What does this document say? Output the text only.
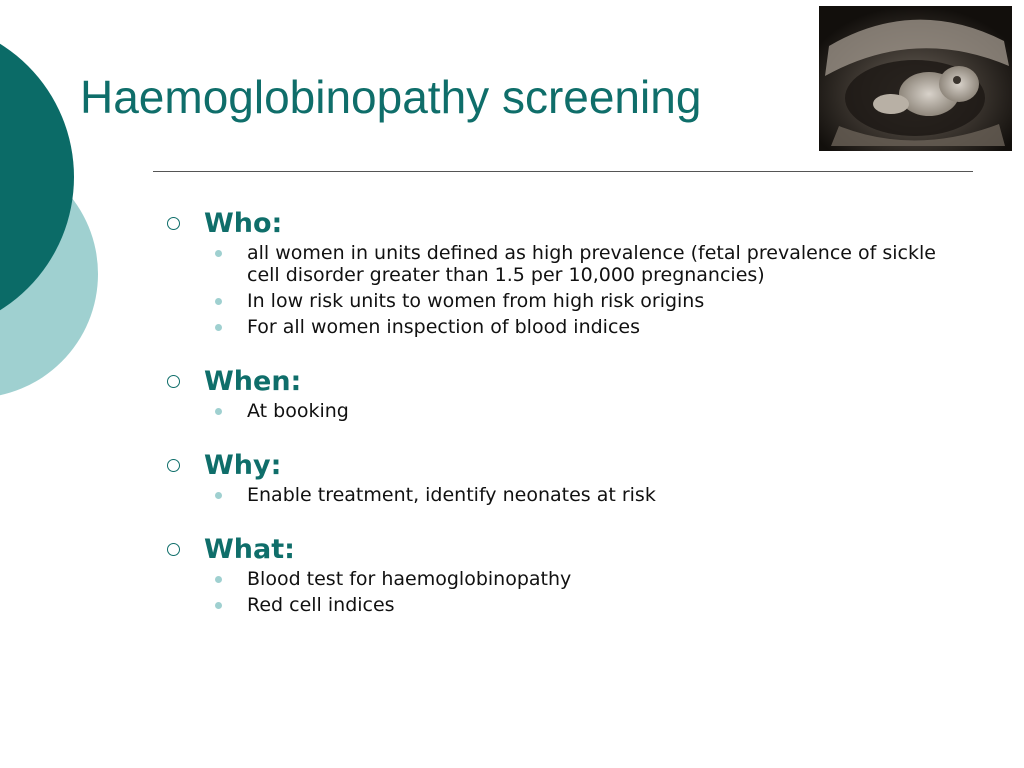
Haemoglobinopathy screening
Who:
all women in units defined as high prevalence (fetal prevalence of sickle cell disorder greater than 1.5 per 10,000 pregnancies)
In low risk units to women from high risk origins
For all women inspection of blood indices
When:
At booking
Why:
Enable treatment, identify neonates at risk
What:
Blood test for haemoglobinopathy
Red cell indices
